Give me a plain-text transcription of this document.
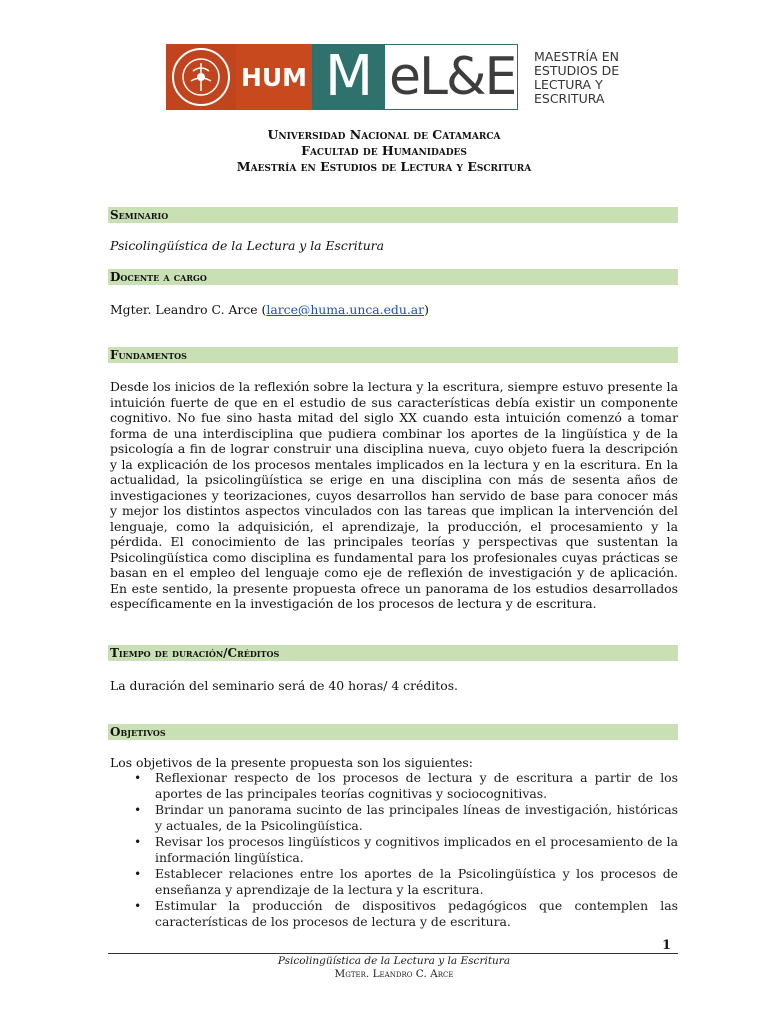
HUM M eL&E MAESTRÍA EN
ESTUDIOS DE
LECTURA Y
ESCRITURA
Universidad Nacional de Catamarca
Facultad de Humanidades
Maestría en Estudios de Lectura y Escritura
Seminario
Psicolingüística de la Lectura y la Escritura
Docente a cargo
Mgter. Leandro C. Arce (larce@huma.unca.edu.ar)
Fundamentos
Desde los inicios de la reflexión sobre la lectura y la escritura, siempre estuvo presente la intuición fuerte de que en el estudio de sus características debía existir un componente cognitivo. No fue sino hasta mitad del siglo XX cuando esta intuición comenzó a tomar forma de una interdisciplina que pudiera combinar los aportes de la lingüística y de la psicología a fin de lograr construir una disciplina nueva, cuyo objeto fuera la descripción y la explicación de los procesos mentales implicados en la lectura y en la escritura. En la actualidad, la psicolingüística se erige en una disciplina con más de sesenta años de investigaciones y teorizaciones, cuyos desarrollos han servido de base para conocer más y mejor los distintos aspectos vinculados con las tareas que implican la intervención del lenguaje, como la adquisición, el aprendizaje, la producción, el procesamiento y la pérdida. El conocimiento de las principales teorías y perspectivas que sustentan la Psicolingüística como disciplina es fundamental para los profesionales cuyas prácticas se basan en el empleo del lenguaje como eje de reflexión de investigación y de aplicación. En este sentido, la presente propuesta ofrece un panorama de los estudios desarrollados específicamente en la investigación de los procesos de lectura y de escritura.
Tiempo de duración/Créditos
La duración del seminario será de 40 horas/ 4 créditos.
Objetivos
Los objetivos de la presente propuesta son los siguientes:
• Reflexionar respecto de los procesos de lectura y de escritura a partir de los aportes de las principales teorías cognitivas y sociocognitivas.
• Brindar un panorama sucinto de las principales líneas de investigación, históricas y actuales, de la Psicolingüística.
• Revisar los procesos lingüísticos y cognitivos implicados en el procesamiento de la información lingüística.
• Establecer relaciones entre los aportes de la Psicolingüística y los procesos de enseñanza y aprendizaje de la lectura y la escritura.
• Estimular la producción de dispositivos pedagógicos que contemplen las características de los procesos de lectura y de escritura.
1
Psicolingüística de la Lectura y la Escritura
Mgter. Leandro C. Arce
